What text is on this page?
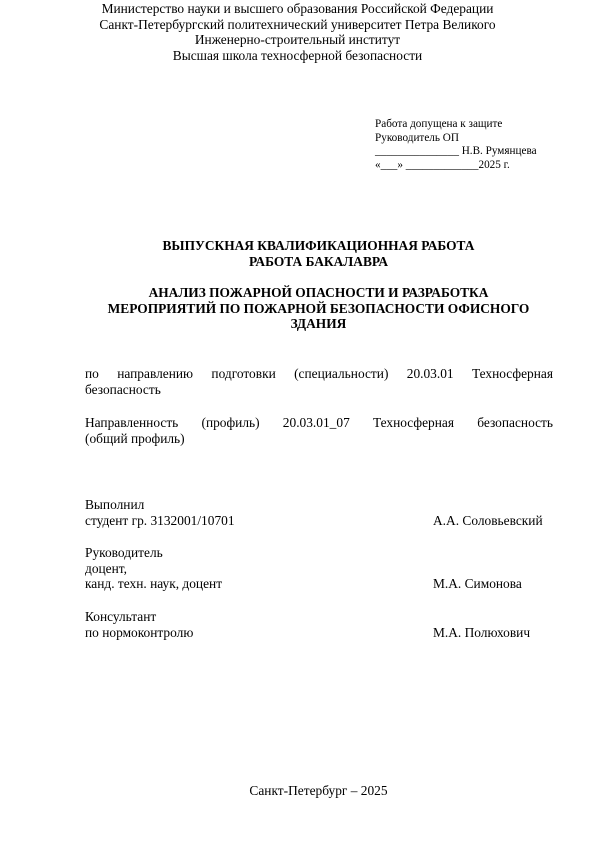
Министерство науки и высшего образования Российской Федерации
Санкт-Петербургский политехнический университет Петра Великого
Инженерно-строительный институт
Высшая школа техносферной безопасности
Работа допущена к защите
Руководитель ОП
_______________ Н.В. Румянцева
«___» _____________2025 г.
ВЫПУСКНАЯ КВАЛИФИКАЦИОННАЯ РАБОТА
РАБОТА БАКАЛАВРА
АНАЛИЗ ПОЖАРНОЙ ОПАСНОСТИ И РАЗРАБОТКА
МЕРОПРИЯТИЙ ПО ПОЖАРНОЙ БЕЗОПАСНОСТИ ОФИСНОГО
ЗДАНИЯ
по направлению подготовки (специальности) 20.03.01 Техносферная
безопасность
Направленность (профиль) 20.03.01_07 Техносферная безопасность
(общий профиль)
Выполнил
студент гр. 3132001/10701	А.А. Соловьевский
Руководитель
доцент,
канд. техн. наук, доцент	М.А. Симонова
Консультант
по нормоконтролю	М.А. Полюхович
Санкт-Петербург – 2025
